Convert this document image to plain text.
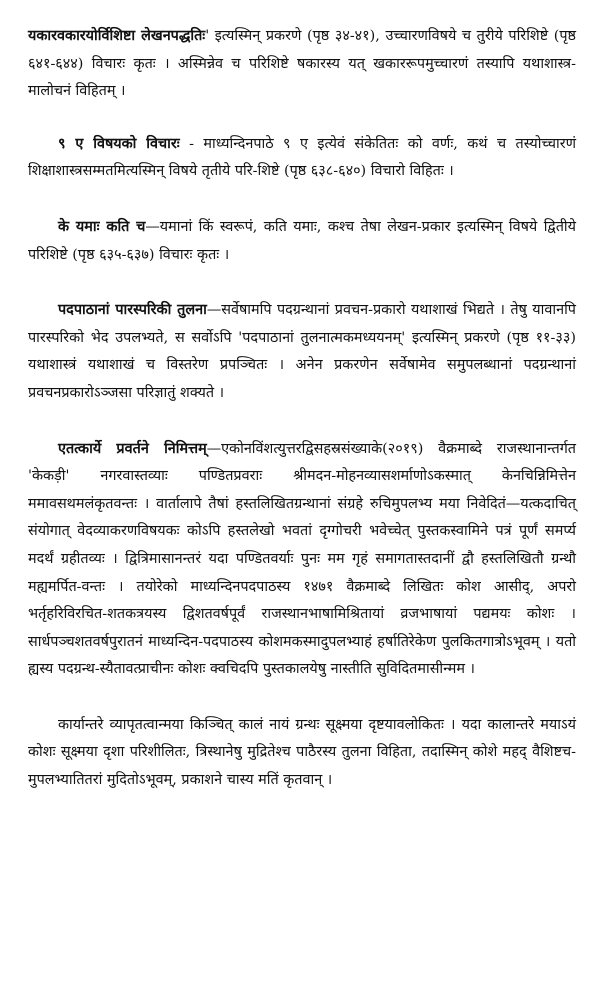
यकारवकारयोर्विशिष्टा लेखनपद्धतिः' इत्यस्मिन् प्रकरणे (पृष्ठ ३४-४१), उच्चारणविषये च तुरीये परिशिष्टे (पृष्ठ ६४१-६४४) विचारः कृतः । अस्मिन्नेव च परिशिष्टे षकारस्य यत् खकाररूपमुच्चारणं तस्यापि यथाशास्त्र-मालोचनं विहितम् ।

९ ए विषयको विचारः - माध्यन्दिनपाठे ९ ए इत्येवं संकेतितः को वर्णः, कथं च तस्योच्चारणं शिक्षाशास्त्रसम्मतमित्यस्मिन् विषये तृतीये परि-शिष्टे (पृष्ठ ६३८-६४०) विचारो विहितः ।

के यमाः कति च—यमानां किं स्वरूपं, कति यमाः, कश्च तेषा लेखन-प्रकार इत्यस्मिन् विषये द्वितीये परिशिष्टे (पृष्ठ ६३५-६३७) विचारः कृतः ।

पदपाठानां पारस्परिकी तुलना—सर्वेषामपि पदग्रन्थानां प्रवचन-प्रकारो यथाशाखं भिद्यते । तेषु यावानपि पारस्परिको भेद उपलभ्यते, स सर्वोऽपि 'पदपाठानां तुलनात्मकमध्ययनम्' इत्यस्मिन् प्रकरणे (पृष्ठ ११-३३) यथाशास्त्रं यथाशाखं च विस्तरेण प्रपञ्चितः । अनेन प्रकरणेन सर्वेषामेव समुपलब्धानां पदग्रन्थानां प्रवचनप्रकारोऽञ्जसा परिज्ञातुं शक्यते ।

एतत्कार्ये प्रवर्तने निमित्तम्—एकोनविंशत्युत्तरद्विसहस्रसंख्याके(२०१९) वैक्रमाब्दे राजस्थानान्तर्गत 'केकड़ी' नगरवास्तव्याः पण्डितप्रवराः श्रीमदन-मोहनव्यासशर्माणोऽकस्मात् केनचिन्निमित्तेन ममावसथमलंकृतवन्तः । वार्तालापे तैषां हस्तलिखितग्रन्थानां संग्रहे रुचिमुपलभ्य मया निवेदितं—यत्कदाचित् संयोगात् वेदव्याकरणविषयकः कोऽपि हस्तलेखो भवतां दृग्गोचरी भवेच्चेत् पुस्तकस्वामिने पत्रं पूर्णं समर्प्य मदर्थं ग्रहीतव्यः । द्वित्रिमासानन्तरं यदा पण्डितवर्याः पुनः मम गृहं समागतास्तदानीं द्वौ हस्तलिखितौ ग्रन्थौ मह्यमर्पित-वन्तः । तयोरेको माध्यन्दिनपदपाठस्य १४७१ वैक्रमाब्दे लिखितः कोश आसीद्, अपरो भर्तृहरिविरचित-शतकत्रयस्य द्विशतवर्षपूर्वं राजस्थानभाषामिश्रितायां व्रजभाषायां पद्यमयः कोशः । सार्धपञ्चशतवर्षपुरातनं माध्यन्दिन-पदपाठस्य कोशमकस्मादुपलभ्याहं हर्षातिरेकेण पुलकितगात्रोऽभूवम् । यतो ह्यस्य पदग्रन्थ-स्यैतावत्प्राचीनः कोशः क्वचिदपि पुस्तकालयेषु नास्तीति सुविदितमासीन्मम ।

कार्यान्तरे व्यापृतत्वान्मया किञ्चित् कालं नायं ग्रन्थः सूक्ष्मया दृष्टयावलोकितः । यदा कालान्तरे मयाऽयं कोशः सूक्ष्मया दृशा परिशीलितः, त्रिस्थानेषु मुद्रितेश्च पाठैरस्य तुलना विहिता, तदास्मिन् कोशे महद् वैशिष्टच-मुपलभ्यातितरां मुदितोऽभूवम्, प्रकाशने चास्य मतिं कृतवान् ।
